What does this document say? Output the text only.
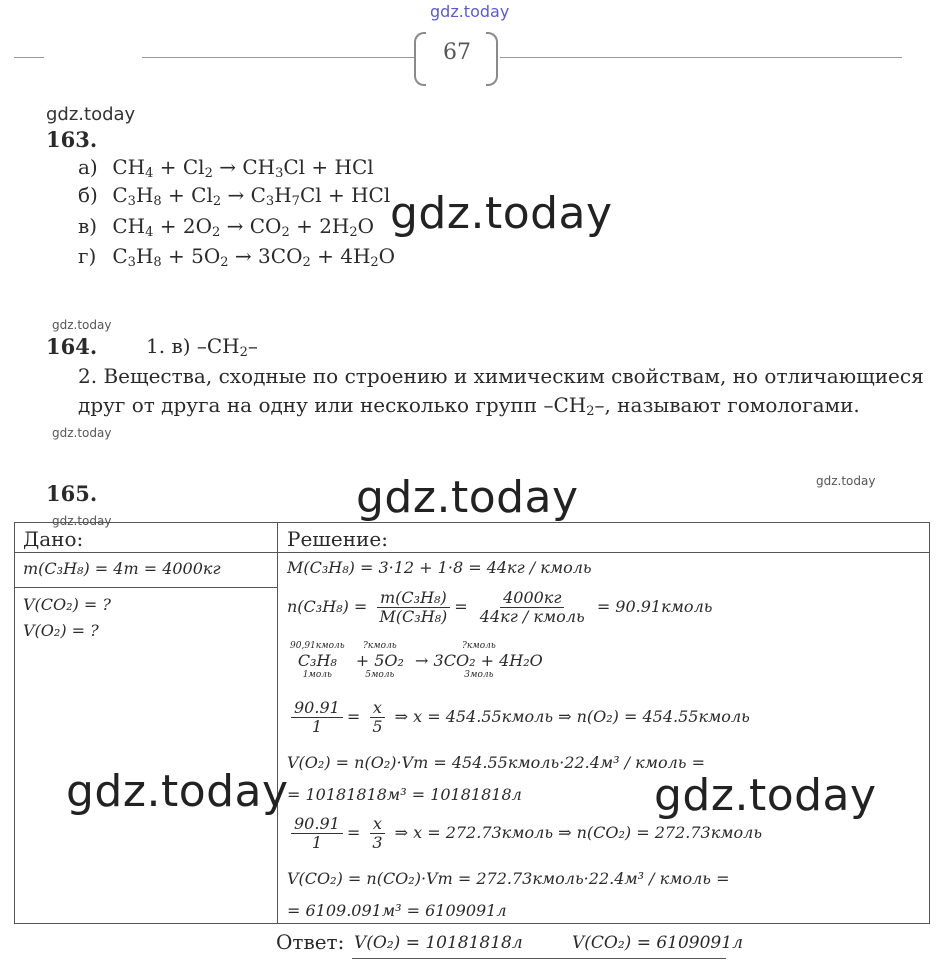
gdz.today
67
gdz.today
163.
а) $CH_4 + Cl_2 \to CH_3Cl$ + HCl
б) $C_3H_8 + Cl_2 \to C_3H_7Cl$ + HCl
в) $CH_4 + 2O_2 \to CO_2 + 2H_2O$
г) $C_3H_8 + 5O_2 \to 3CO_2 + 4H_2O$
gdz.today
gdz.today
164. 1. в) $-CH_2-$
2. Вещества, сходные по строению и химическим свойствам, но отличающиеся
друг от друга на одну или несколько групп $-CH_2-$, называют гомологами.
gdz.today
165.	gdz.today	gdz.today
gdz.today
Дано:	Решение:
m(C₃H₈) = 4т = 4000кг
V(CO₂) = ?
V(O₂) = ?
M(C₃H₈) = 3·12 + 1·8 = 44кг / кмоль
$n(C_3H_8) = \frac{\text{m(C₃H₈)}}{\text{M(C₃H₈)}} = \frac{4000кг}{\text{44кг / кмоль}}$ = 90.91кмоль
90,91кмоль
C₃H₈
1моль

?кмоль
+ 5O₂
5моль

?кмоль
→ 3CO₂ + 4H₂O
3моль
$\frac{90.91}{1} = \frac{x}{5}$ ⇒ x = 454.55кмоль ⇒ n(O₂) = 454.55кмоль
V(O₂) = n(O₂)·Vm = 454.55кмоль·22.4м³ / кмоль =
= 10181818м³ = 10181818л
$\frac{90.91}{1} = \frac{x}{3}$ ⇒ x = 272.73кмоль ⇒ n(CO₂) = 272.73кмоль
V(CO₂) = n(CO₂)·Vm = 272.73кмоль·22.4м³ / кмоль =
= 6109.091м³ = 6109091л
gdz.today	gdz.today
Ответ: V(O₂) = 10181818л	V(CO₂) = 6109091л
